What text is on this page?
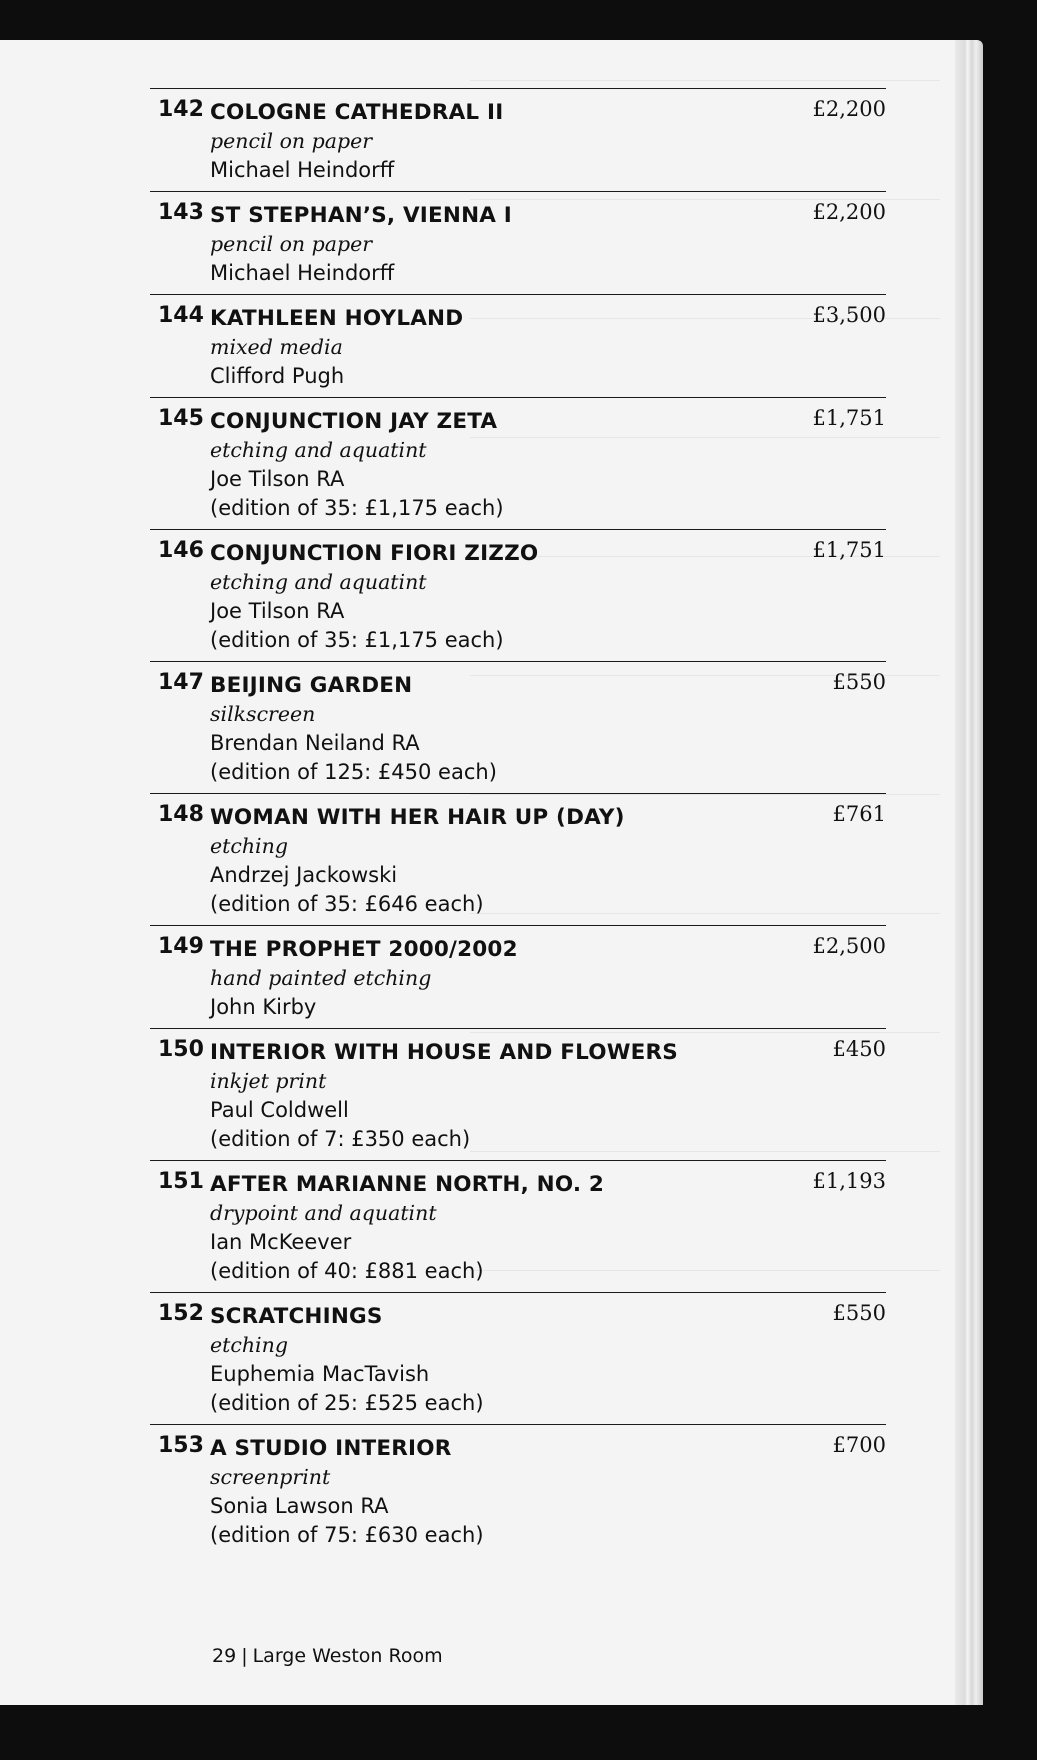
142 COLOGNE CATHEDRAL II
pencil on paper
Michael Heindorff
£2,200
143 ST STEPHAN’S, VIENNA I
pencil on paper
Michael Heindorff
£2,200
144 KATHLEEN HOYLAND
mixed media
Clifford Pugh
£3,500
145 CONJUNCTION JAY ZETA
etching and aquatint
Joe Tilson RA
(edition of 35: £1,175 each)
£1,751
146 CONJUNCTION FIORI ZIZZO
etching and aquatint
Joe Tilson RA
(edition of 35: £1,175 each)
£1,751
147 BEIJING GARDEN
silkscreen
Brendan Neiland RA
(edition of 125: £450 each)
£550
148 WOMAN WITH HER HAIR UP (DAY)
etching
Andrzej Jackowski
(edition of 35: £646 each)
£761
149 THE PROPHET 2000/2002
hand painted etching
John Kirby
£2,500
150 INTERIOR WITH HOUSE AND FLOWERS
inkjet print
Paul Coldwell
(edition of 7: £350 each)
£450
151 AFTER MARIANNE NORTH, NO. 2
drypoint and aquatint
Ian McKeever
(edition of 40: £881 each)
£1,193
152 SCRATCHINGS
etching
Euphemia MacTavish
(edition of 25: £525 each)
£550
153 A STUDIO INTERIOR
screenprint
Sonia Lawson RA
(edition of 75: £630 each)
£700
29 | Large Weston Room
